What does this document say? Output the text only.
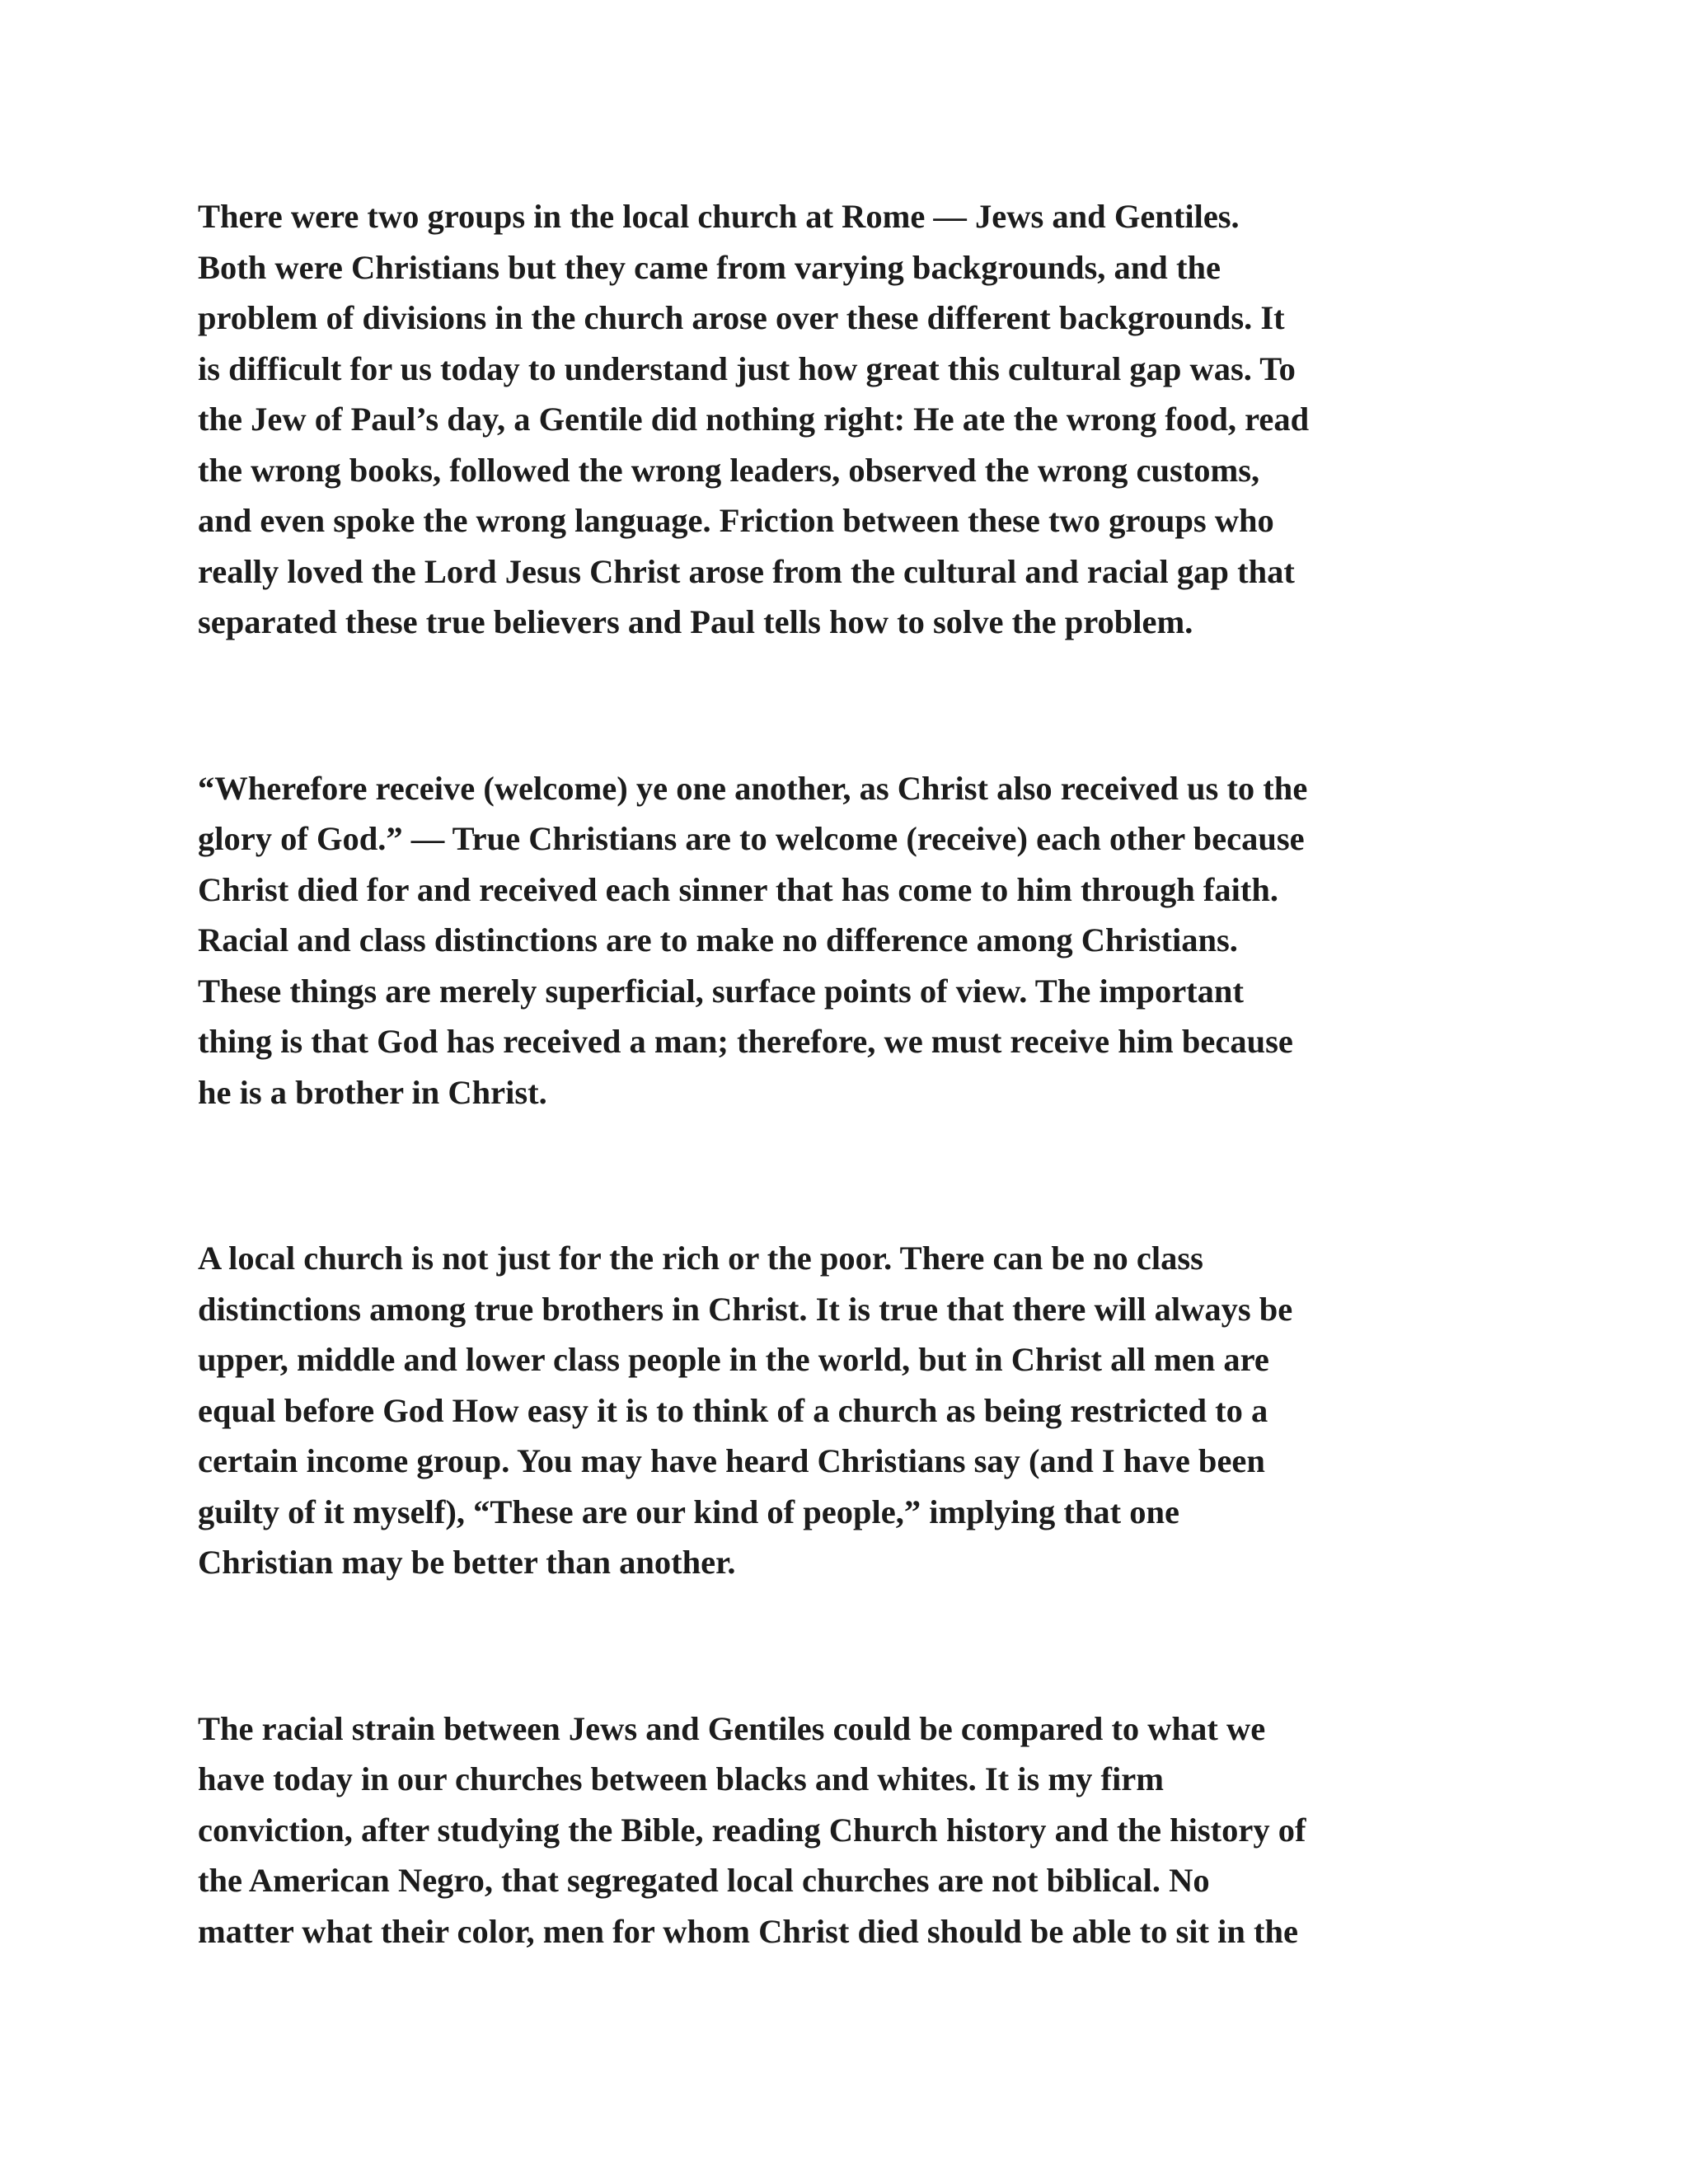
There were two groups in the local church at Rome — Jews and Gentiles.
Both were Christians but they came from varying backgrounds, and the
problem of divisions in the church arose over these different backgrounds. It
is difficult for us today to understand just how great this cultural gap was. To
the Jew of Paul’s day, a Gentile did nothing right: He ate the wrong food, read
the wrong books, followed the wrong leaders, observed the wrong customs,
and even spoke the wrong language. Friction between these two groups who
really loved the Lord Jesus Christ arose from the cultural and racial gap that
separated these true believers and Paul tells how to solve the problem.

“Wherefore receive (welcome) ye one another, as Christ also received us to the
glory of God.” — True Christians are to welcome (receive) each other because
Christ died for and received each sinner that has come to him through faith.
Racial and class distinctions are to make no difference among Christians.
These things are merely superficial, surface points of view. The important
thing is that God has received a man; therefore, we must receive him because
he is a brother in Christ.

A local church is not just for the rich or the poor. There can be no class
distinctions among true brothers in Christ. It is true that there will always be
upper, middle and lower class people in the world, but in Christ all men are
equal before God How easy it is to think of a church as being restricted to a
certain income group. You may have heard Christians say (and I have been
guilty of it myself), “These are our kind of people,” implying that one
Christian may be better than another.

The racial strain between Jews and Gentiles could be compared to what we
have today in our churches between blacks and whites. It is my firm
conviction, after studying the Bible, reading Church history and the history of
the American Negro, that segregated local churches are not biblical. No
matter what their color, men for whom Christ died should be able to sit in the
